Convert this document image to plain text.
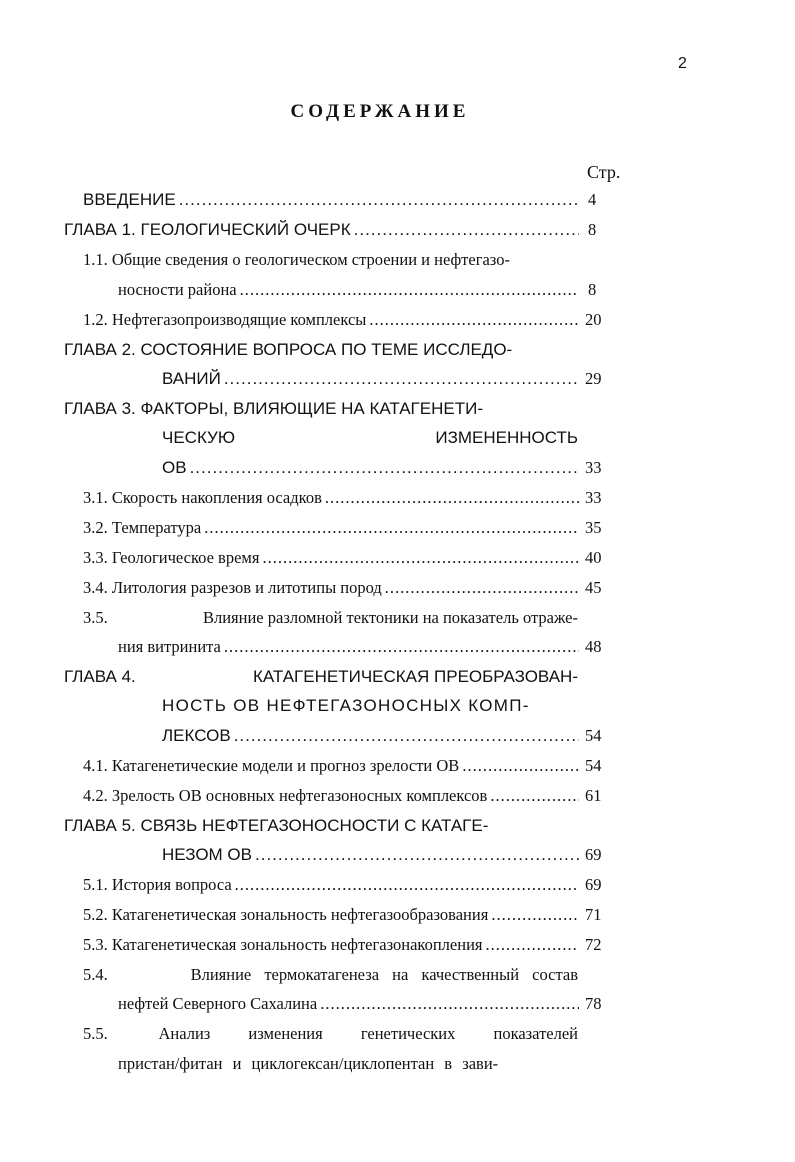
2
СОДЕРЖАНИЕ
Стр.
ВВЕДЕНИЕ .....	4
ГЛАВА 1. ГЕОЛОГИЧЕСКИЙ ОЧЕРК .....	8
1.1. Общие сведения о геологическом строении и нефтегазо-
носности района .....	8
1.2. Нефтегазопроизводящие комплексы .....	20
ГЛАВА 2. СОСТОЯНИЕ ВОПРОСА ПО ТЕМЕ ИССЛЕДО-
ВАНИЙ .....	29
ГЛАВА 3. ФАКТОРЫ, ВЛИЯЮЩИЕ НА КАТАГЕНЕТИ-
ЧЕСКУЮ	ИЗМЕНЕННОСТЬ
ОВ .....	33
3.1. Скорость накопления осадков .....	33
3.2. Температура .....	35
3.3. Геологическое время .....	40
3.4. Литология разрезов и литотипы пород .....	45
3.5.	Влияние разломной тектоники на показатель отраже-
ния витринита .....	48
ГЛАВА 4.	КАТАГЕНЕТИЧЕСКАЯ ПРЕОБРАЗОВАН-
НОСТЬ ОВ НЕФТЕГАЗОНОСНЫХ КОМП-
ЛЕКСОВ .....	54
4.1. Катагенетические модели и прогноз зрелости ОВ .....	54
4.2. Зрелость ОВ основных нефтегазоносных комплексов .....	61
ГЛАВА 5. СВЯЗЬ НЕФТЕГАЗОНОСНОСТИ С КАТАГЕ-
НЕЗОМ ОВ .....	69
5.1. История вопроса .....	69
5.2. Катагенетическая зональность нефтегазообразования .....	71
5.3. Катагенетическая зональность нефтегазонакопления .....	72
5.4.	Влияние термокатагенеза на качественный состав
нефтей Северного Сахалина .....	78
5.5.	Анализ изменения генетических показателей
пристан/фитан и циклогексан/циклопентан в зави-
